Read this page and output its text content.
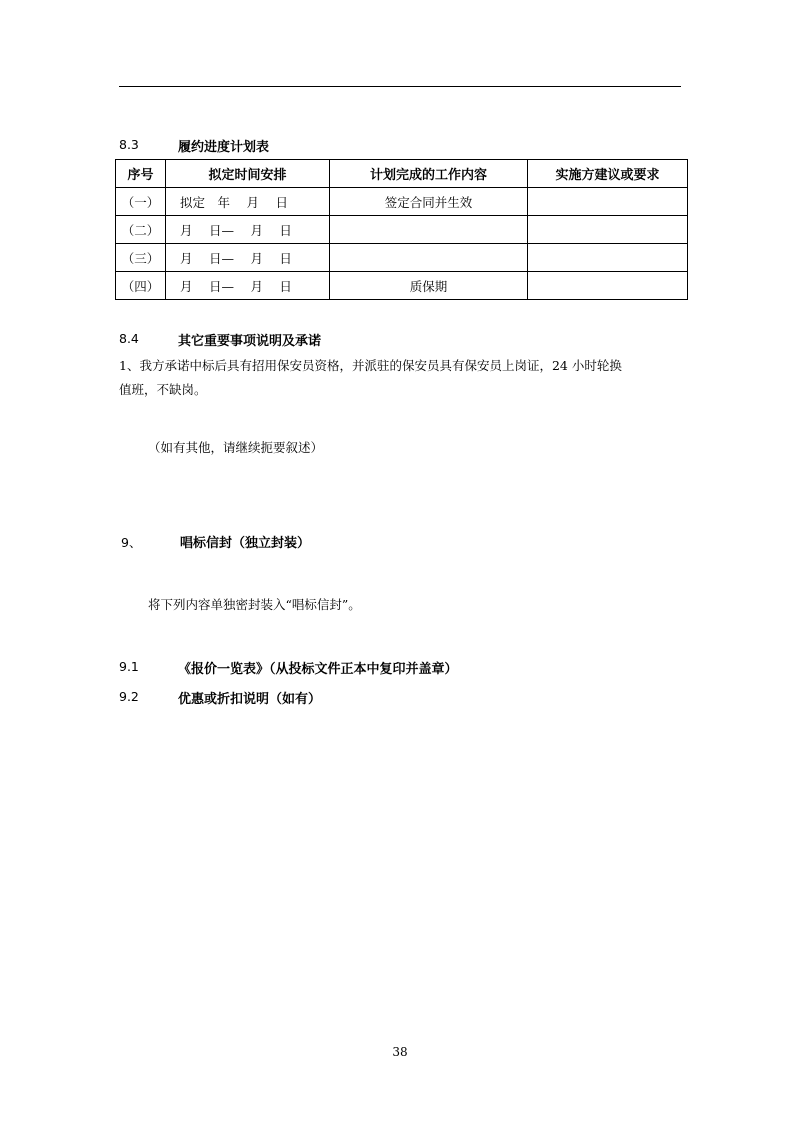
8.3	履约进度计划表
序号	拟定时间安排	计划完成的工作内容	实施方建议或要求
（一）	拟定　年　 月　 日	签定合同并生效	
（二）	月　 日—　 月　 日		
（三）	月　 日—　 月　 日		
（四）	月　 日—　 月　 日	质保期	
8.4	其它重要事项说明及承诺
1、我方承诺中标后具有招用保安员资格，并派驻的保安员具有保安员上岗证，24 小时轮换
值班，不缺岗。
（如有其他，请继续扼要叙述）
9、	唱标信封（独立封装）
将下列内容单独密封装入“唱标信封”。
9.1	《报价一览表》（从投标文件正本中复印并盖章）
9.2	优惠或折扣说明（如有）
38
